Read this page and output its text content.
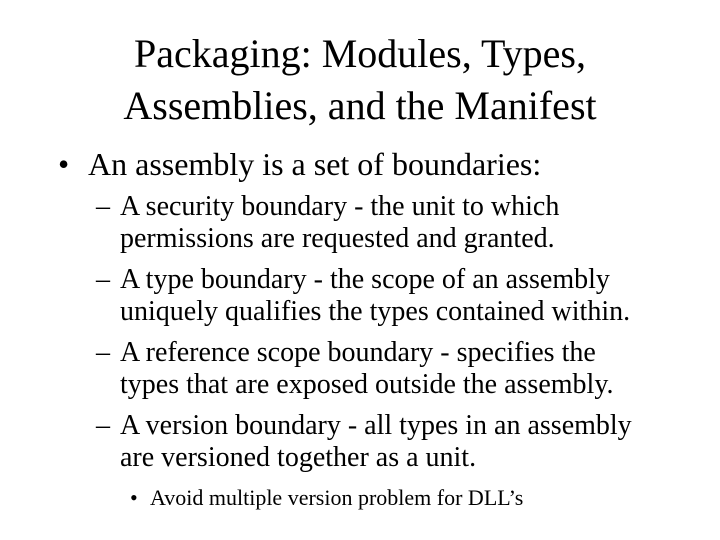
Packaging: Modules, Types,
Assemblies, and the Manifest
• An assembly is a set of boundaries:
– A security boundary - the unit to which
permissions are requested and granted.
– A type boundary - the scope of an assembly
uniquely qualifies the types contained within.
– A reference scope boundary - specifies the
types that are exposed outside the assembly.
– A version boundary - all types in an assembly
are versioned together as a unit.
• Avoid multiple version problem for DLL’s
